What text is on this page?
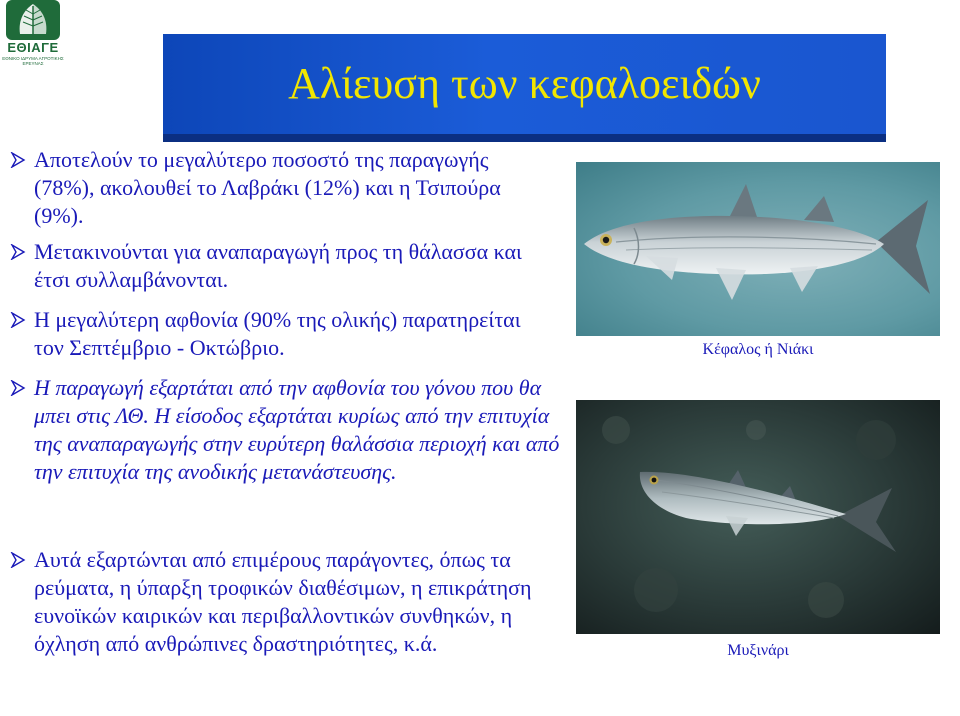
ΕΘΙΑΓΕ
ΕΘΝΙΚΟ ΙΔΡΥΜΑ ΑΓΡΟΤΙΚΗΣ ΕΡΕΥΝΑΣ	Αλίευση των κεφαλοειδών
Αποτελούν το μεγαλύτερο ποσοστό της παραγωγής (78%), ακολουθεί το Λαβράκι (12%) και η Τσιπούρα (9%).
Μετακινούνται για αναπαραγωγή προς τη θάλασσα και έτσι συλλαμβάνονται.
Η μεγαλύτερη αφθονία (90% της ολικής) παρατηρείται τον Σεπτέμβριο - Οκτώβριο.
Η παραγωγή εξαρτάται από την αφθονία του γόνου που θα μπει στις ΛΘ. Η είσοδος εξαρτάται κυρίως από την επιτυχία της αναπαραγωγής στην ευρύτερη θαλάσσια περιοχή και από την επιτυχία της ανοδικής μετανάστευσης.
Αυτά εξαρτώνται από επιμέρους παράγοντες, όπως τα ρεύματα, η ύπαρξη τροφικών διαθέσιμων, η επικράτηση ευνοϊκών καιρικών και περιβαλλοντικών συνθηκών, η όχληση από ανθρώπινες δραστηριότητες, κ.ά.
Κέφαλος ή Νιάκι
Μυξινάρι
